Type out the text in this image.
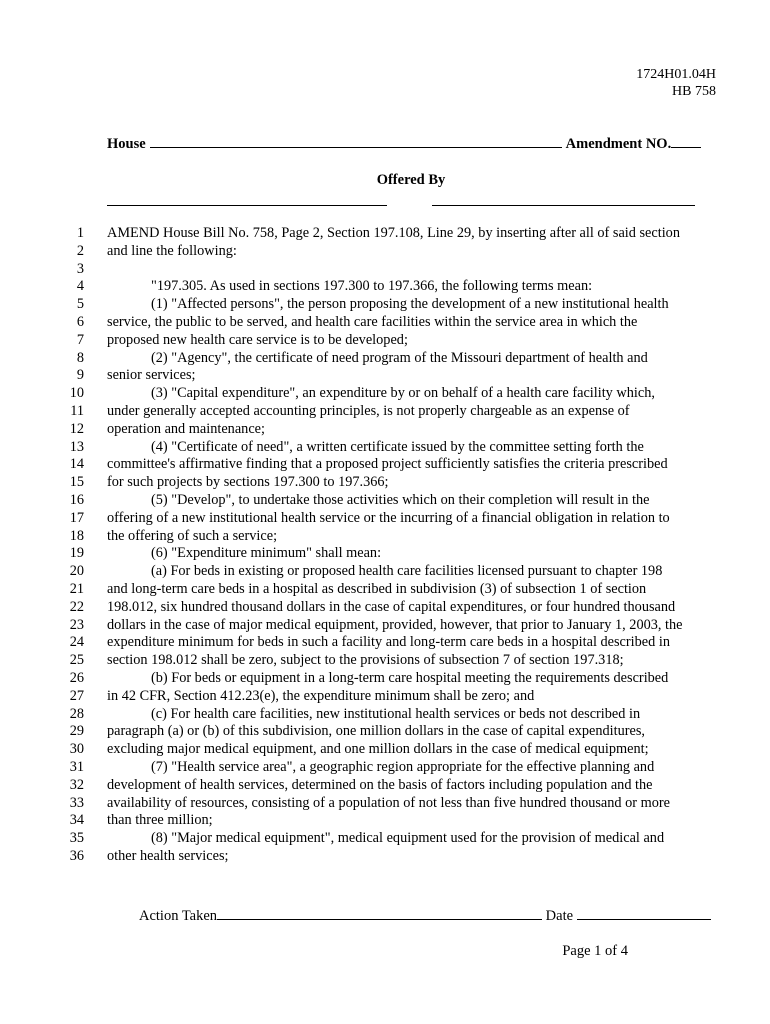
1724H01.04H
HB 758
House	Amendment NO.
Offered By
1 AMEND House Bill No. 758, Page 2, Section 197.108, Line 29, by inserting after all of said section
2 and line the following:
3
4	"197.305. As used in sections 197.300 to 197.366, the following terms mean:
5	(1) "Affected persons", the person proposing the development of a new institutional health
6 service, the public to be served, and health care facilities within the service area in which the
7 proposed new health care service is to be developed;
8	(2) "Agency", the certificate of need program of the Missouri department of health and
9 senior services;
10	(3) "Capital expenditure", an expenditure by or on behalf of a health care facility which,
11 under generally accepted accounting principles, is not properly chargeable as an expense of
12 operation and maintenance;
13	(4) "Certificate of need", a written certificate issued by the committee setting forth the
14 committee's affirmative finding that a proposed project sufficiently satisfies the criteria prescribed
15 for such projects by sections 197.300 to 197.366;
16	(5) "Develop", to undertake those activities which on their completion will result in the
17 offering of a new institutional health service or the incurring of a financial obligation in relation to
18 the offering of such a service;
19	(6) "Expenditure minimum" shall mean:
20	(a) For beds in existing or proposed health care facilities licensed pursuant to chapter 198
21 and long-term care beds in a hospital as described in subdivision (3) of subsection 1 of section
22 198.012, six hundred thousand dollars in the case of capital expenditures, or four hundred thousand
23 dollars in the case of major medical equipment, provided, however, that prior to January 1, 2003, the
24 expenditure minimum for beds in such a facility and long-term care beds in a hospital described in
25 section 198.012 shall be zero, subject to the provisions of subsection 7 of section 197.318;
26	(b) For beds or equipment in a long-term care hospital meeting the requirements described
27 in 42 CFR, Section 412.23(e), the expenditure minimum shall be zero; and
28	(c) For health care facilities, new institutional health services or beds not described in
29 paragraph (a) or (b) of this subdivision, one million dollars in the case of capital expenditures,
30 excluding major medical equipment, and one million dollars in the case of medical equipment;
31	(7) "Health service area", a geographic region appropriate for the effective planning and
32 development of health services, determined on the basis of factors including population and the
33 availability of resources, consisting of a population of not less than five hundred thousand or more
34 than three million;
35	(8) "Major medical equipment", medical equipment used for the provision of medical and
36 other health services;
Action Taken	Date
Page 1 of 4
